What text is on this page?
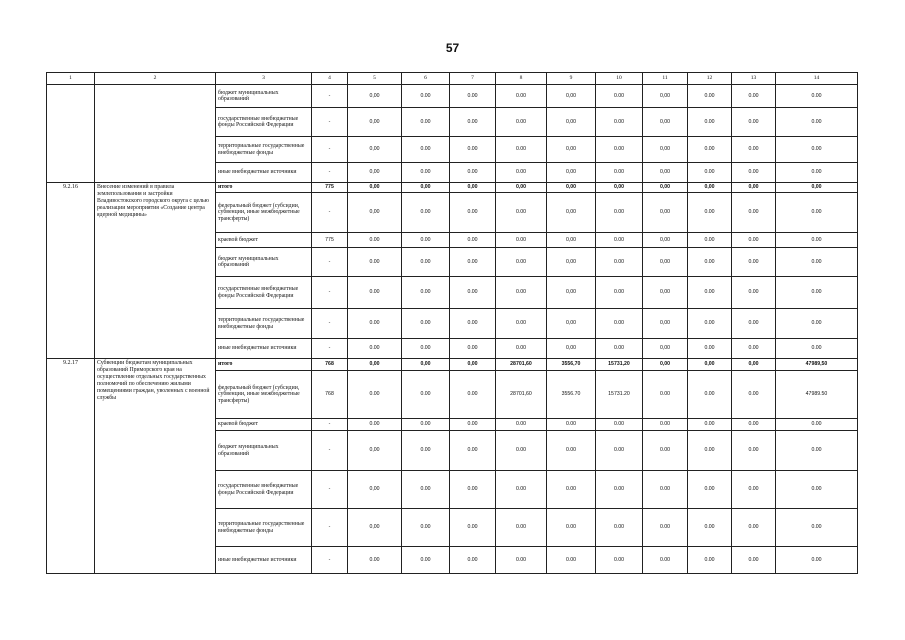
57
1	2	3	4	5	6	7	8	9	10	11	12	13	14
		бюджет муниципальных образований	-	0,00	0.00	0.00	0.00	0,00	0.00	0,00	0.00	0.00	0.00
		государственные внебюджетные фонды Российской Федерации	-	0,00	0.00	0.00	0.00	0,00	0.00	0,00	0.00	0.00	0.00
		территориальные государственные внебюджетные фонды	-	0,00	0.00	0.00	0.00	0,00	0.00	0,00	0.00	0.00	0.00
		иные внебюджетные источники	-	0,00	0.00	0.00	0.00	0,00	0.00	0,00	0.00	0.00	0.00
9.2.16	Внесение изменений в правила землепользования и застройки Владивостокского городского округа с целью реализации мероприятия «Создание центра ядерной медицины»	итого	775	0,00	0,00	0,00	0,00	0,00	0,00	0,00	0,00	0,00	0,00
		федеральный бюджет (субсидии, субвенции, иные межбюджетные трансферты)	-	0,00	0.00	0.00	0.00	0,00	0.00	0,00	0.00	0.00	0.00
		краевой бюджет	775	0.00	0.00	0.00	0.00	0,00	0.00	0,00	0.00	0.00	0.00
		бюджет муниципальных образований	-	0.00	0.00	0.00	0.00	0,00	0.00	0,00	0.00	0.00	0.00
		государственные внебюджетные фонды Российской Федерации	-	0.00	0.00	0.00	0.00	0,00	0.00	0,00	0.00	0.00	0.00
		территориальные государственные внебюджетные фонды	-	0.00	0.00	0.00	0.00	0,00	0.00	0,00	0.00	0.00	0.00
		иные внебюджетные источники	-	0.00	0.00	0.00	0.00	0,00	0.00	0,00	0.00	0.00	0.00
9.2.17	Субвенции бюджетам муниципальных образований Приморского края на осуществление отдельных государственных полномочий по обеспечению жилыми помещениями граждан, уволенных с военной службы	итого	768	0,00	0,00	0,00	28701,60	3556,70	15731,20	0,00	0,00	0,00	47989,50
		федеральный бюджет (субсидии, субвенции, иные межбюджетные трансферты)	768	0.00	0.00	0.00	28701,60	3556.70	15731.20	0.00	0.00	0.00	47989.50
		краевой бюджет	-	0.00	0.00	0.00	0.00	0.00	0.00	0.00	0.00	0.00	0.00
		бюджет муниципальных образований	-	0,00	0.00	0.00	0.00	0.00	0.00	0.00	0.00	0.00	0.00
		государственные внебюджетные фонды Российской Федерации	-	0,00	0.00	0.00	0.00	0.00	0.00	0.00	0.00	0.00	0.00
		территориальные государственные внебюджетные фонды	-	0,00	0.00	0.00	0.00	0.00	0.00	0.00	0.00	0.00	0.00
		иные внебюджетные источники	-	0.00	0.00	0.00	0.00	0.00	0.00	0.00	0.00	0.00	0.00
